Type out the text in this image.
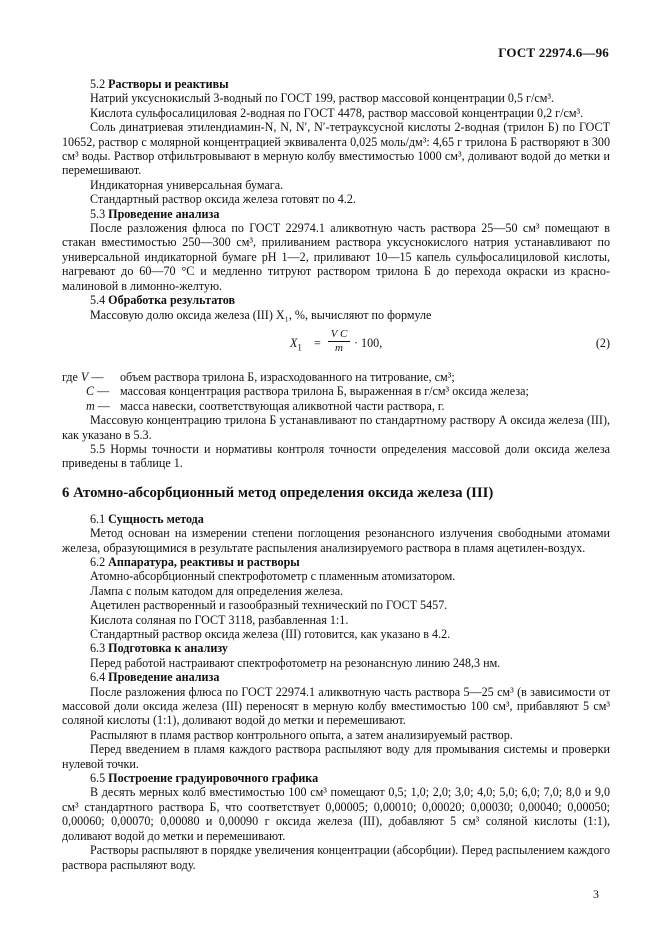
ГОСТ 22974.6—96

5.2 Растворы и реактивы

Натрий уксуснокислый 3-водный по ГОСТ 199, раствор массовой концентрации 0,5 г/см³.

Кислота сульфосалициловая 2-водная по ГОСТ 4478, раствор массовой концентрации 0,2 г/см³.

Соль динатриевая этилендиамин-N, N, N′, N′-тетрауксусной кислоты 2-водная (трилон Б) по ГОСТ 10652, раствор с молярной концентрацией эквивалента 0,025 моль/дм³: 4,65 г трилона Б растворяют в 300 см³ воды. Раствор отфильтровывают в мерную колбу вместимостью 1000 см³, доливают водой до метки и перемешивают.

Индикаторная универсальная бумага.

Стандартный раствор оксида железа готовят по 4.2.

5.3 Проведение анализа

После разложения флюса по ГОСТ 22974.1 аликвотную часть раствора 25—50 см³ помещают в стакан вместимостью 250—300 см³, приливанием раствора уксуснокислого натрия устанавливают по универсальной индикаторной бумаге pH 1—2, приливают 10—15 капель сульфосалициловой кислоты, нагревают до 60—70 °С и медленно титруют раствором трилона Б до перехода окраски из красно-малиновой в лимонно-желтую.

5.4 Обработка результатов

Массовую долю оксида железа (III) X₁, %, вычисляют по формуле

$X_1 = \frac{\text{V C}}{m} \cdot 100$,	(2)

где V —	объем раствора трилона Б, израсходованного на титрование, см³;

C — массовая концентрация раствора трилона Б, выраженная в г/см³ оксида железа;

m — масса навески, соответствующая аликвотной части раствора, г.

Массовую концентрацию трилона Б устанавливают по стандартному раствору А оксида железа (III), как указано в 5.3.

5.5 Нормы точности и нормативы контроля точности определения массовой доли оксида железа приведены в таблице 1.

6 Атомно-абсорбционный метод определения оксида железа (III)

6.1 Сущность метода

Метод основан на измерении степени поглощения резонансного излучения свободными атомами железа, образующимися в результате распыления анализируемого раствора в пламя ацетилен-воздух.

6.2 Аппаратура, реактивы и растворы

Атомно-абсорбционный спектрофотометр с пламенным атомизатором.

Лампа с полым катодом для определения железа.

Ацетилен растворенный и газообразный технический по ГОСТ 5457.

Кислота соляная по ГОСТ 3118, разбавленная 1:1.

Стандартный раствор оксида железа (III) готовится, как указано в 4.2.

6.3 Подготовка к анализу

Перед работой настраивают спектрофотометр на резонансную линию 248,3 нм.

6.4 Проведение анализа

После разложения флюса по ГОСТ 22974.1 аликвотную часть раствора 5—25 см³ (в зависимости от массовой доли оксида железа (III) переносят в мерную колбу вместимостью 100 см³, прибавляют 5 см³ соляной кислоты (1:1), доливают водой до метки и перемешивают.

Распыляют в пламя раствор контрольного опыта, а затем анализируемый раствор.

Перед введением в пламя каждого раствора распыляют воду для промывания системы и проверки нулевой точки.

6.5 Построение градуировочного графика

В десять мерных колб вместимостью 100 см³ помещают 0,5; 1,0; 2,0; 3,0; 4,0; 5,0; 6,0; 7,0; 8,0 и 9,0 см³ стандартного раствора Б, что соответствует 0,00005; 0,00010; 0,00020; 0,00030; 0,00040; 0,00050; 0,00060; 0,00070; 0,00080 и 0,00090 г оксида железа (III), добавляют 5 см³ соляной кислоты (1:1), доливают водой до метки и перемешивают.

Растворы распыляют в порядке увеличения концентрации (абсорбции). Перед распылением каждого раствора распыляют воду.

3
